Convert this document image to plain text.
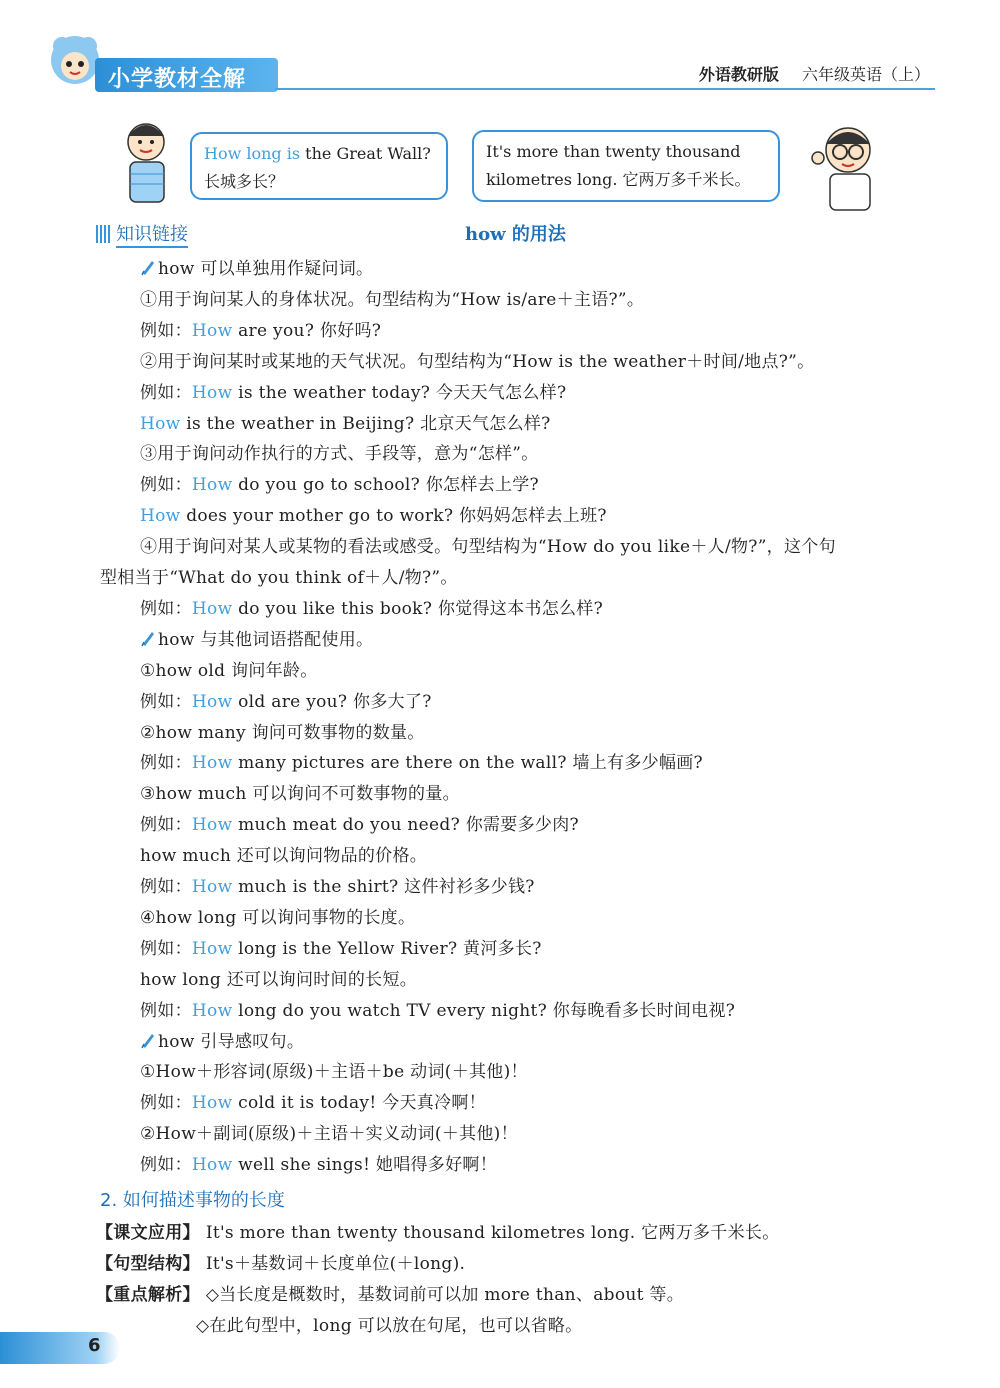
小学教材全解	外语教研版 六年级英语（上）
How long is the Great Wall?
长城多长？
It's more than twenty thousand
kilometres long. 它两万多千米长。
知识链接	how 的用法
how 可以单独用作疑问词。
①用于询问某人的身体状况。句型结构为“How is/are＋主语?”。
例如：How are you? 你好吗?
②用于询问某时或某地的天气状况。句型结构为“How is the weather＋时间/地点?”。
例如：How is the weather today? 今天天气怎么样?
How is the weather in Beijing? 北京天气怎么样?
③用于询问动作执行的方式、手段等，意为“怎样”。
例如：How do you go to school? 你怎样去上学?
How does your mother go to work? 你妈妈怎样去上班?
④用于询问对某人或某物的看法或感受。句型结构为“How do you like＋人/物?”，这个句
型相当于“What do you think of＋人/物?”。
例如：How do you like this book? 你觉得这本书怎么样?
how 与其他词语搭配使用。
①how old 询问年龄。
例如：How old are you? 你多大了?
②how many 询问可数事物的数量。
例如：How many pictures are there on the wall? 墙上有多少幅画?
③how much 可以询问不可数事物的量。
例如：How much meat do you need? 你需要多少肉?
how much 还可以询问物品的价格。
例如：How much is the shirt? 这件衬衫多少钱?
④how long 可以询问事物的长度。
例如：How long is the Yellow River? 黄河多长?
how long 还可以询问时间的长短。
例如：How long do you watch TV every night? 你每晚看多长时间电视?
how 引导感叹句。
①How＋形容词(原级)＋主语＋be 动词(＋其他)！
例如：How cold it is today! 今天真冷啊！
②How＋副词(原级)＋主语＋实义动词(＋其他)！
例如：How well she sings! 她唱得多好啊！
2. 如何描述事物的长度
【课文应用】 It's more than twenty thousand kilometres long. 它两万多千米长。
【句型结构】 It's＋基数词＋长度单位(＋long).
【重点解析】 ◇当长度是概数时，基数词前可以加 more than、about 等。
◇在此句型中，long 可以放在句尾，也可以省略。
6
